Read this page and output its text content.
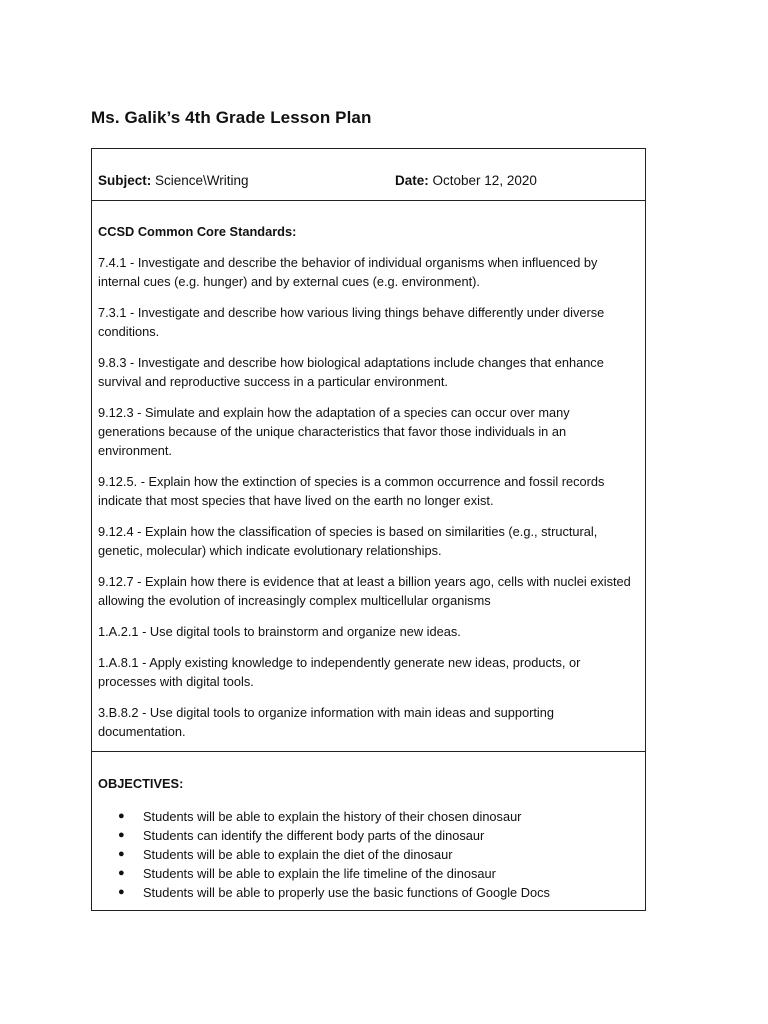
Ms. Galik’s 4th Grade Lesson Plan
Subject: Science\Writing	Date: October 12, 2020
CCSD Common Core Standards:
7.4.1 - Investigate and describe the behavior of individual organisms when influenced by internal cues (e.g. hunger) and by external cues (e.g. environment).
7.3.1 - Investigate and describe how various living things behave differently under diverse conditions.
9.8.3 - Investigate and describe how biological adaptations include changes that enhance survival and reproductive success in a particular environment.
9.12.3 - Simulate and explain how the adaptation of a species can occur over many generations because of the unique characteristics that favor those individuals in an environment.
9.12.5. - Explain how the extinction of species is a common occurrence and fossil records indicate that most species that have lived on the earth no longer exist.
9.12.4 - Explain how the classification of species is based on similarities (e.g., structural, genetic, molecular) which indicate evolutionary relationships.
9.12.7 - Explain how there is evidence that at least a billion years ago, cells with nuclei existed allowing the evolution of increasingly complex multicellular organisms
1.A.2.1 - Use digital tools to brainstorm and organize new ideas.
1.A.8.1 - Apply existing knowledge to independently generate new ideas, products, or processes with digital tools.
3.B.8.2 - Use digital tools to organize information with main ideas and supporting documentation.
OBJECTIVES:
● Students will be able to explain the history of their chosen dinosaur
● Students can identify the different body parts of the dinosaur
● Students will be able to explain the diet of the dinosaur
● Students will be able to explain the life timeline of the dinosaur
● Students will be able to properly use the basic functions of Google Docs
